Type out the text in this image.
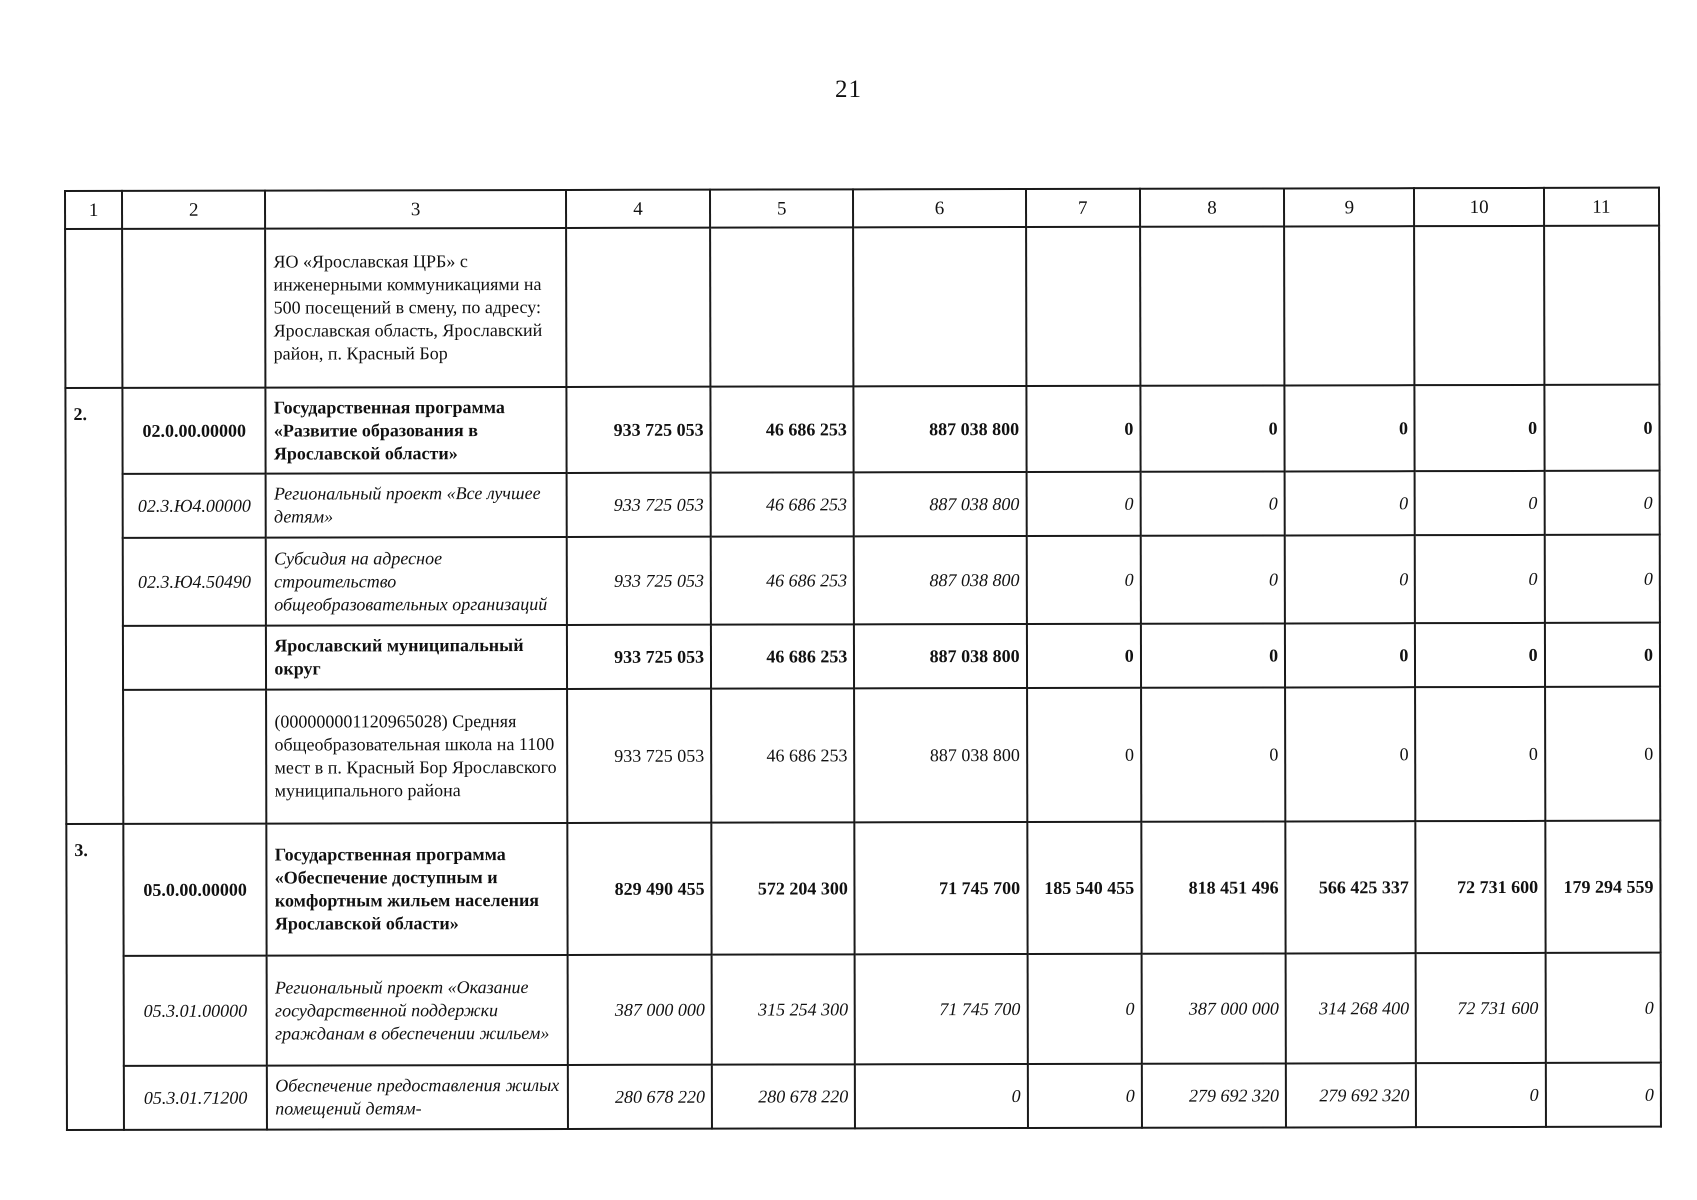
21
1	2	3	4	5	6	7	8	9	10	11
		ЯО «Ярославская ЦРБ» с инженерными коммуникациями на 500 посещений в смену, по адресу: Ярославская область, Ярославский район, п. Красный Бор								
2.	02.0.00.00000	Государственная программа «Развитие образования в Ярославской области»	933 725 053	46 686 253	887 038 800	0	0	0	0	0
	02.3.Ю4.00000	Региональный проект «Все лучшее детям»	933 725 053	46 686 253	887 038 800	0	0	0	0	0
	02.3.Ю4.50490	Субсидия на адресное строительство общеобразовательных организаций	933 725 053	46 686 253	887 038 800	0	0	0	0	0
		Ярославский муниципальный округ	933 725 053	46 686 253	887 038 800	0	0	0	0	0
		(000000001120965028) Средняя общеобразовательная школа на 1100 мест в п. Красный Бор Ярославского муниципального района	933 725 053	46 686 253	887 038 800	0	0	0	0	0
3.	05.0.00.00000	Государственная программа «Обеспечение доступным и комфортным жильем населения Ярославской области»	829 490 455	572 204 300	71 745 700	185 540 455	818 451 496	566 425 337	72 731 600	179 294 559
	05.3.01.00000	Региональный проект «Оказание государственной поддержки гражданам в обеспечении жильем»	387 000 000	315 254 300	71 745 700	0	387 000 000	314 268 400	72 731 600	0
	05.3.01.71200	Обеспечение предоставления жилых помещений детям-	280 678 220	280 678 220	0	0	279 692 320	279 692 320	0	0
